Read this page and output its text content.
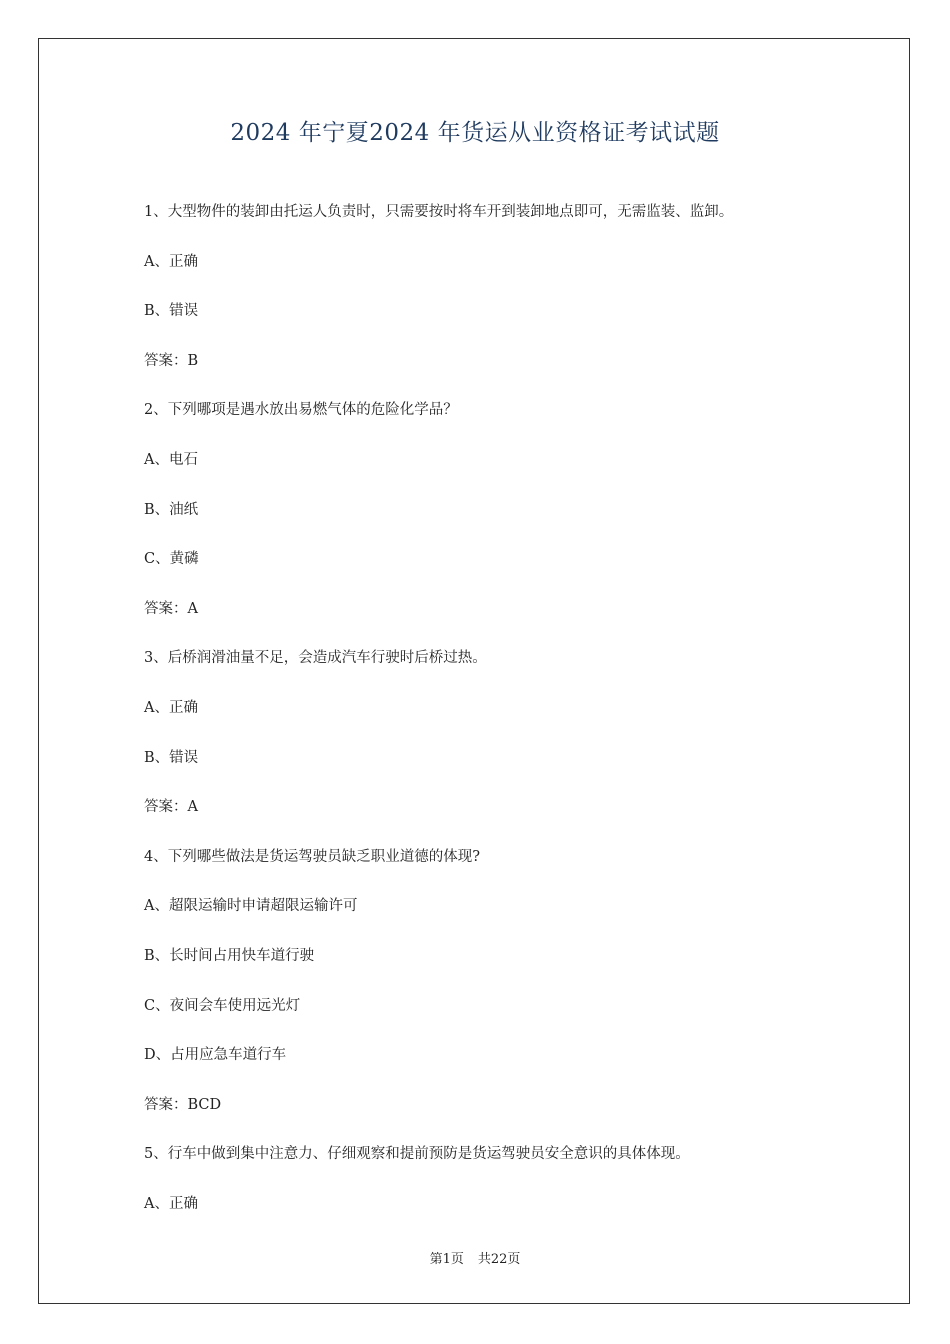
2024 年宁夏2024 年货运从业资格证考试试题
1、大型物件的装卸由托运人负责时，只需要按时将车开到装卸地点即可，无需监装、监卸。
A、正确
B、错误
答案：B
2、下列哪项是遇水放出易燃气体的危险化学品？
A、电石
B、油纸
C、黄磷
答案：A
3、后桥润滑油量不足，会造成汽车行驶时后桥过热。
A、正确
B、错误
答案：A
4、下列哪些做法是货运驾驶员缺乏职业道德的体现?
A、超限运输时申请超限运输许可
B、长时间占用快车道行驶
C、夜间会车使用远光灯
D、占用应急车道行车
答案：BCD
5、行车中做到集中注意力、仔细观察和提前预防是货运驾驶员安全意识的具体体现。
A、正确
第1页 共22页
